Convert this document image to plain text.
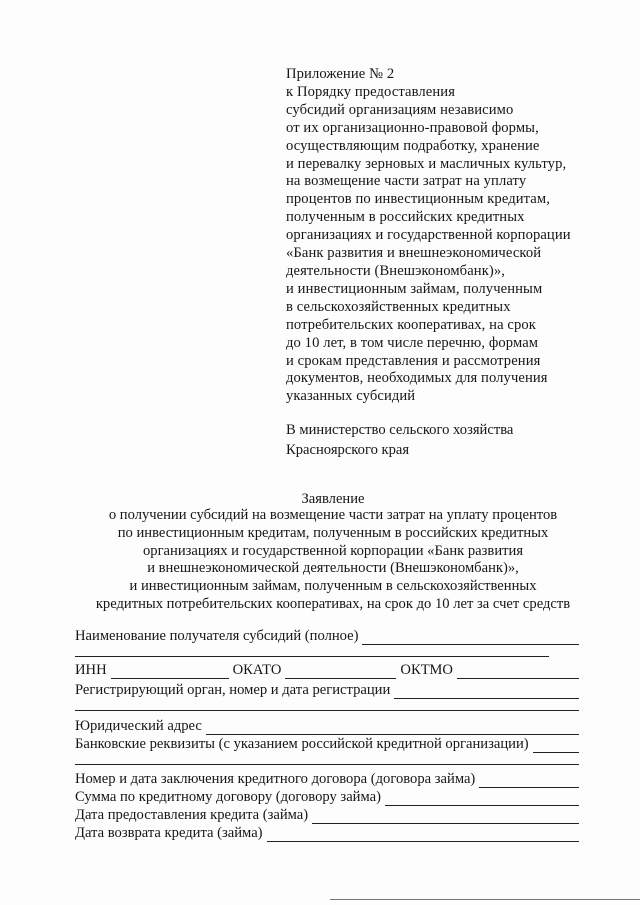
Приложение № 2
к Порядку предоставления
субсидий организациям независимо
от их организационно-правовой формы,
осуществляющим подработку, хранение
и перевалку зерновых и масличных культур,
на возмещение части затрат на уплату
процентов по инвестиционным кредитам,
полученным в российских кредитных
организациях и государственной корпорации
«Банк развития и внешнеэкономической
деятельности (Внешэкономбанк)»,
и инвестиционным займам, полученным
в сельскохозяйственных кредитных
потребительских кооперативах, на срок
до 10 лет, в том числе перечню, формам
и срокам представления и рассмотрения
документов, необходимых для получения
указанных субсидий
В министерство сельского хозяйства
Красноярского края
Заявление
о получении субсидий на возмещение части затрат на уплату процентов
по инвестиционным кредитам, полученным в российских кредитных
организациях и государственной корпорации «Банк развития
и внешнеэкономической деятельности (Внешэкономбанк)»,
и инвестиционным займам, полученным в сельскохозяйственных
кредитных потребительских кооперативах, на срок до 10 лет за счет средств
Наименование получателя субсидий (полное)
ИНН	ОКАТО	ОКТМО
Регистрирующий орган, номер и дата регистрации
Юридический адрес
Банковские реквизиты (с указанием российской кредитной организации)
Номер и дата заключения кредитного договора (договора займа)
Сумма по кредитному договору (договору займа)
Дата предоставления кредита (займа)
Дата возврата кредита (займа)
